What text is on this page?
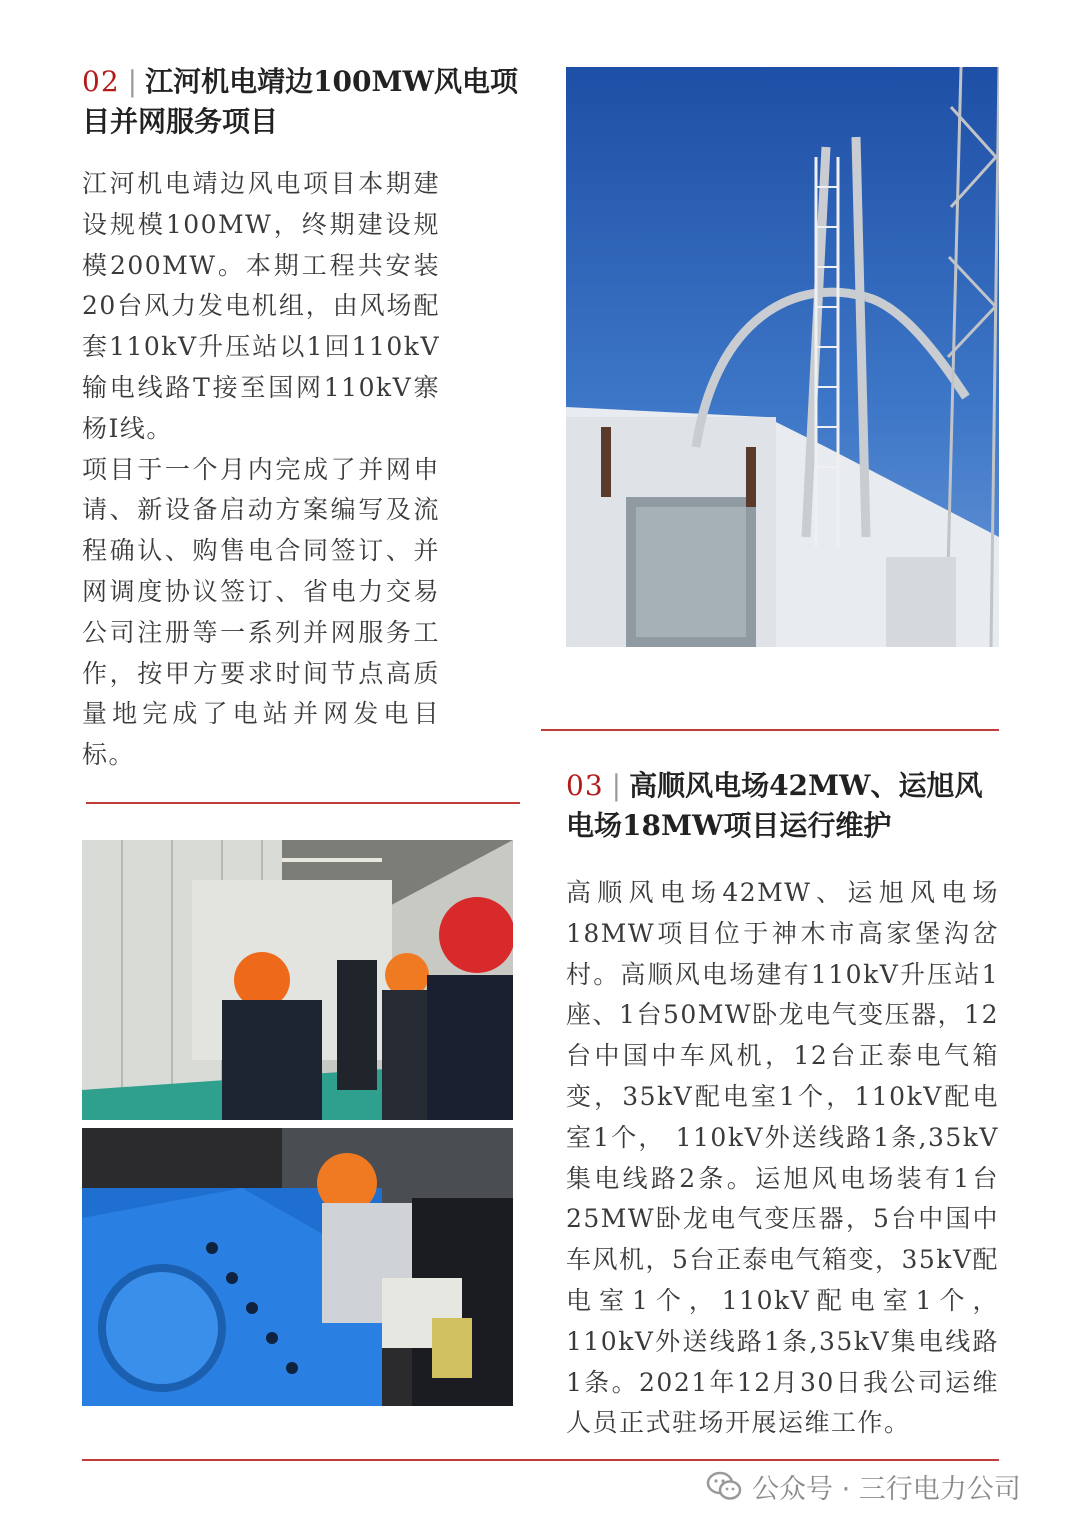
02 | 江河机电靖边100MW风电项
目并网服务项目

江河机电靖边风电项目本期建设规模100MW，终期建设规模200MW。本期工程共安装20台风力发电机组，由风场配套110kV升压站以1回110kV输电线路T接至国网110kV寨杨I线。

项目于一个月内完成了并网申请、新设备启动方案编写及流程确认、购售电合同签订、并网调度协议签订、省电力交易公司注册等一系列并网服务工作，按甲方要求时间节点高质量地完成了电站并网发电目标。

03 | 高顺风电场42MW、运旭风
电场18MW项目运行维护

高顺风电场42MW、运旭风电场18MW项目位于神木市高家堡沟岔村。高顺风电场建有110kV升压站1座、1台50MW卧龙电气变压器，12台中国中车风机，12台正泰电气箱变，35kV配电室1个，110kV配电室1个， 110kV外送线路1条,35kV集电线路2条。运旭风电场装有1台25MW卧龙电气变压器，5台中国中车风机，5台正泰电气箱变，35kV配电室1个，110kV配电室1个，110kV外送线路1条,35kV集电线路1条。2021年12月30日我公司运维人员正式驻场开展运维工作。

公众号 · 三行电力公司
